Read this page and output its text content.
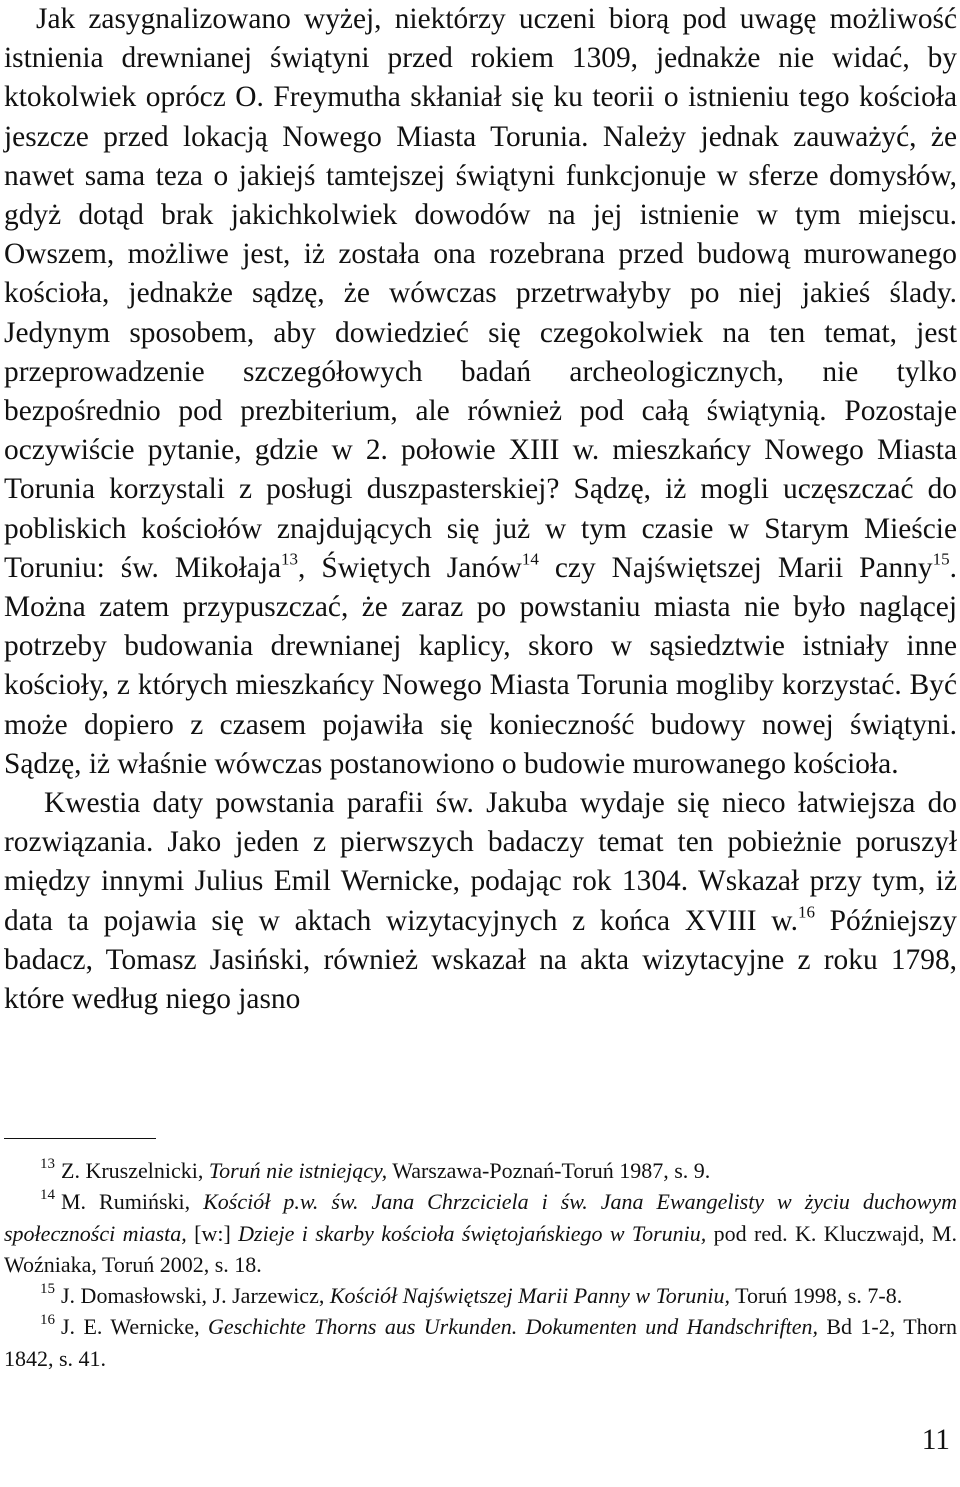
Jak zasygnalizowano wyżej, niektórzy uczeni biorą pod uwagę możliwość istnienia drewnianej świątyni przed rokiem 1309, jednakże nie widać, by ktokolwiek oprócz O. Freymutha skłaniał się ku teorii o istnieniu tego kościoła jeszcze przed lokacją Nowego Miasta Torunia. Należy jednak zauważyć, że nawet sama teza o jakiejś tamtejszej świątyni funkcjonuje w sferze domysłów, gdyż dotąd brak jakichkolwiek dowodów na jej istnienie w tym miejscu. Owszem, możliwe jest, iż została ona rozebrana przed budową murowanego kościoła, jednakże sądzę, że wówczas przetrwałyby po niej jakieś ślady. Jedynym sposobem, aby dowiedzieć się czegokolwiek na ten temat, jest przeprowadzenie szczegółowych badań archeologicznych, nie tylko bezpośrednio pod prezbiterium, ale również pod całą świątynią. Pozostaje oczywiście pytanie, gdzie w 2. połowie XIII w. mieszkańcy Nowego Miasta Torunia korzystali z posługi duszpasterskiej? Sądzę, iż mogli uczęszczać do pobliskich kościołów znajdujących się już w tym czasie w Starym Mieście Toruniu: św. Mikołaja$^{13}$, Świętych Janów$^{14}$ czy Najświętszej Marii Panny$^{15}$. Można zatem przypuszczać, że zaraz po powstaniu miasta nie było naglącej potrzeby budowania drewnianej kaplicy, skoro w sąsiedztwie istniały inne kościoły, z których mieszkańcy Nowego Miasta Torunia mogliby korzystać. Być może dopiero z czasem pojawiła się konieczność budowy nowej świątyni. Sądzę, iż właśnie wówczas postanowiono o budowie murowanego kościoła.

Kwestia daty powstania parafii św. Jakuba wydaje się nieco łatwiejsza do rozwiązania. Jako jeden z pierwszych badaczy temat ten pobieżnie poruszył między innymi Julius Emil Wernicke, podając rok 1304. Wskazał przy tym, iż data ta pojawia się w aktach wizytacyjnych z końca XVIII w.$^{16}$ Późniejszy badacz, Tomasz Jasiński, również wskazał na akta wizytacyjne z roku 1798, które według niego jasno

$^{13}$ Z. Kruszelnicki, Toruń nie istniejący, Warszawa-Poznań-Toruń 1987, s. 9.

$^{14}$ M. Rumiński, Kościół p.w. św. Jana Chrzciciela i św. Jana Ewangelisty w życiu duchowym społeczności miasta, [w:] Dzieje i skarby kościoła świętojańskiego w Toruniu, pod red. K. Kluczwajd, M. Woźniaka, Toruń 2002, s. 18.

$^{15}$ J. Domasłowski, J. Jarzewicz, Kościół Najświętszej Marii Panny w Toruniu, Toruń 1998, s. 7-8.

$^{16}$ J. E. Wernicke, Geschichte Thorns aus Urkunden. Dokumenten und Handschriften, Bd 1-2, Thorn 1842, s. 41.

11
